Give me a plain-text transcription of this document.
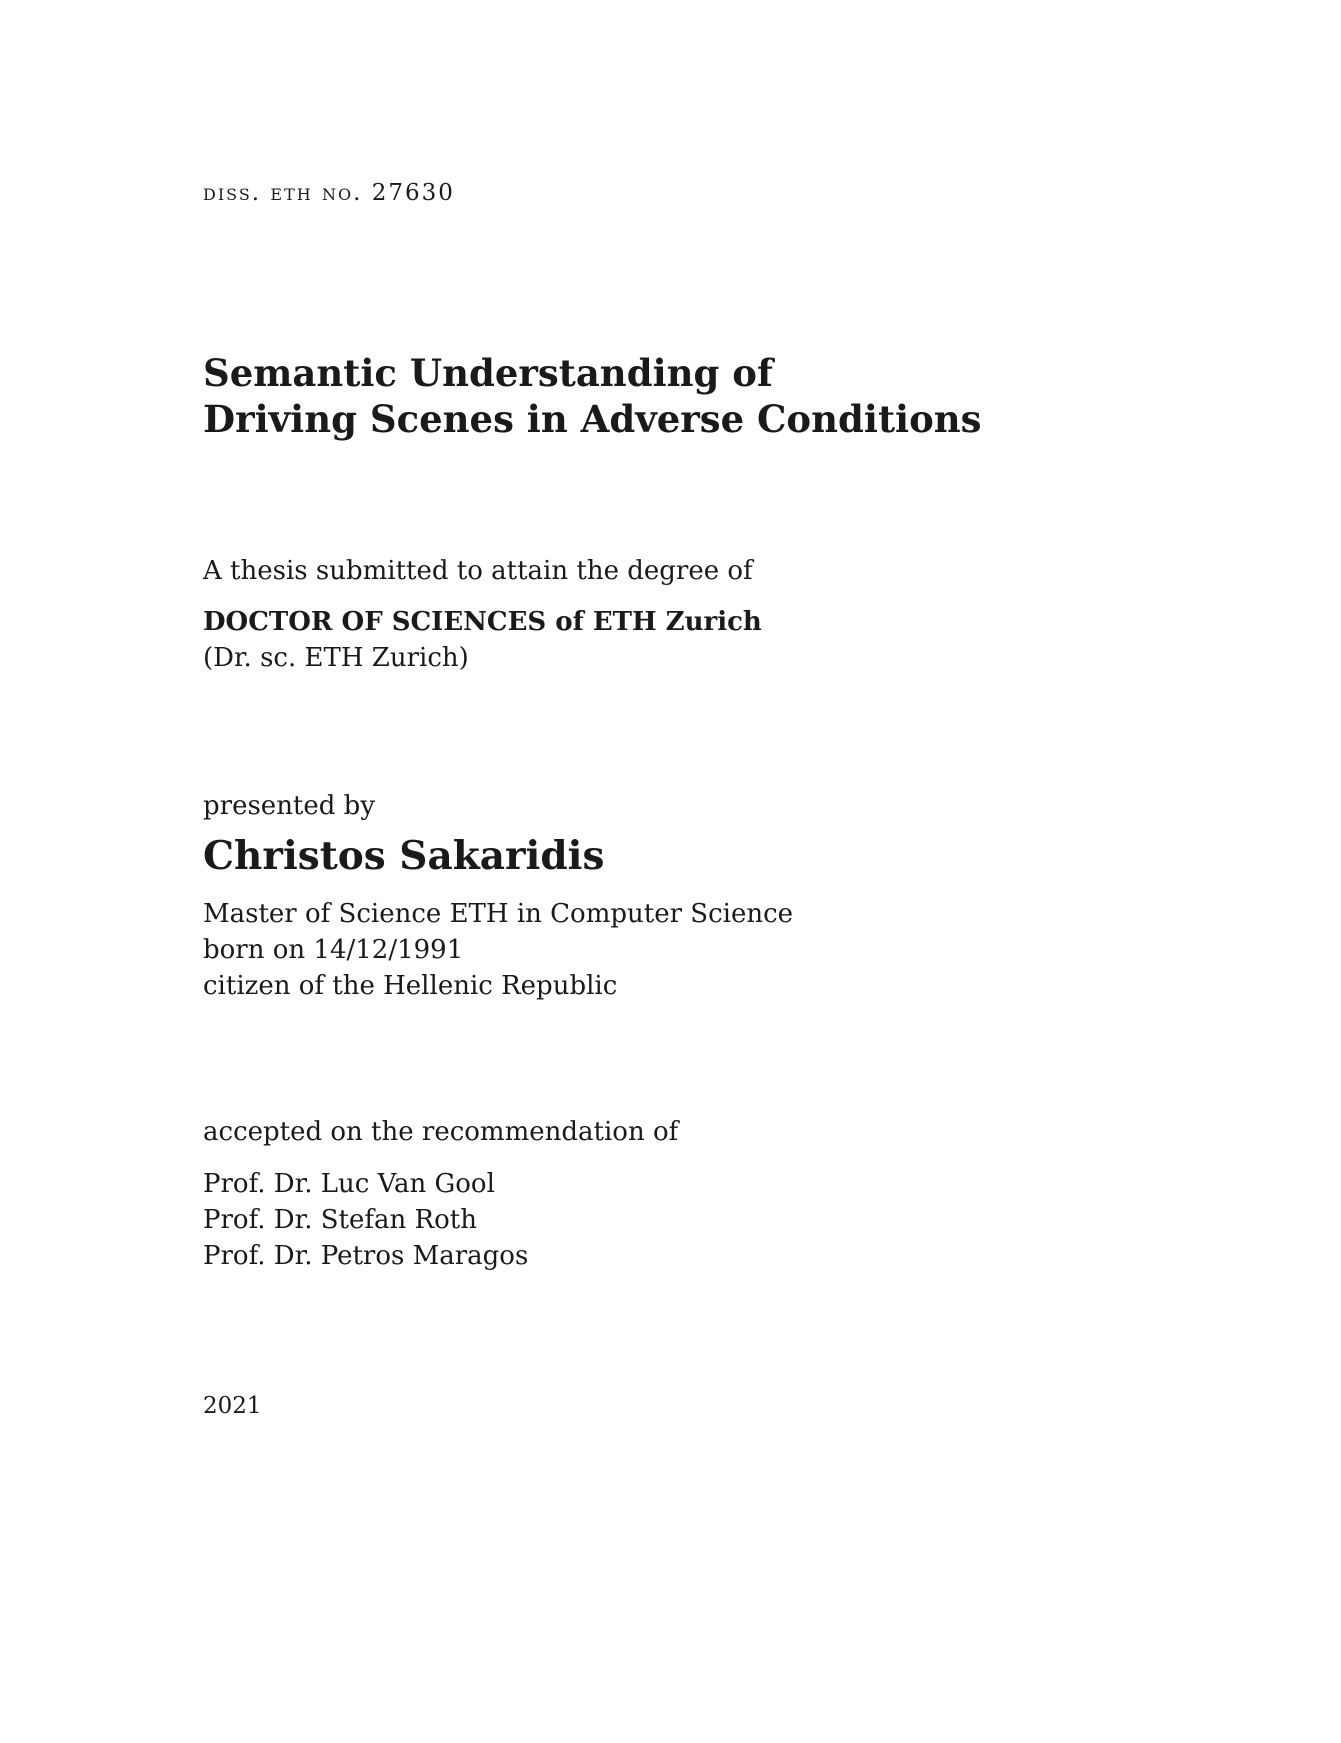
diss. eth no. 27630

Semantic Understanding of
Driving Scenes in Adverse Conditions

A thesis submitted to attain the degree of

DOCTOR OF SCIENCES of ETH Zurich
(Dr. sc. ETH Zurich)

presented by

Christos Sakaridis

Master of Science ETH in Computer Science
born on 14/12/1991
citizen of the Hellenic Republic

accepted on the recommendation of

Prof. Dr. Luc Van Gool
Prof. Dr. Stefan Roth
Prof. Dr. Petros Maragos

2021
